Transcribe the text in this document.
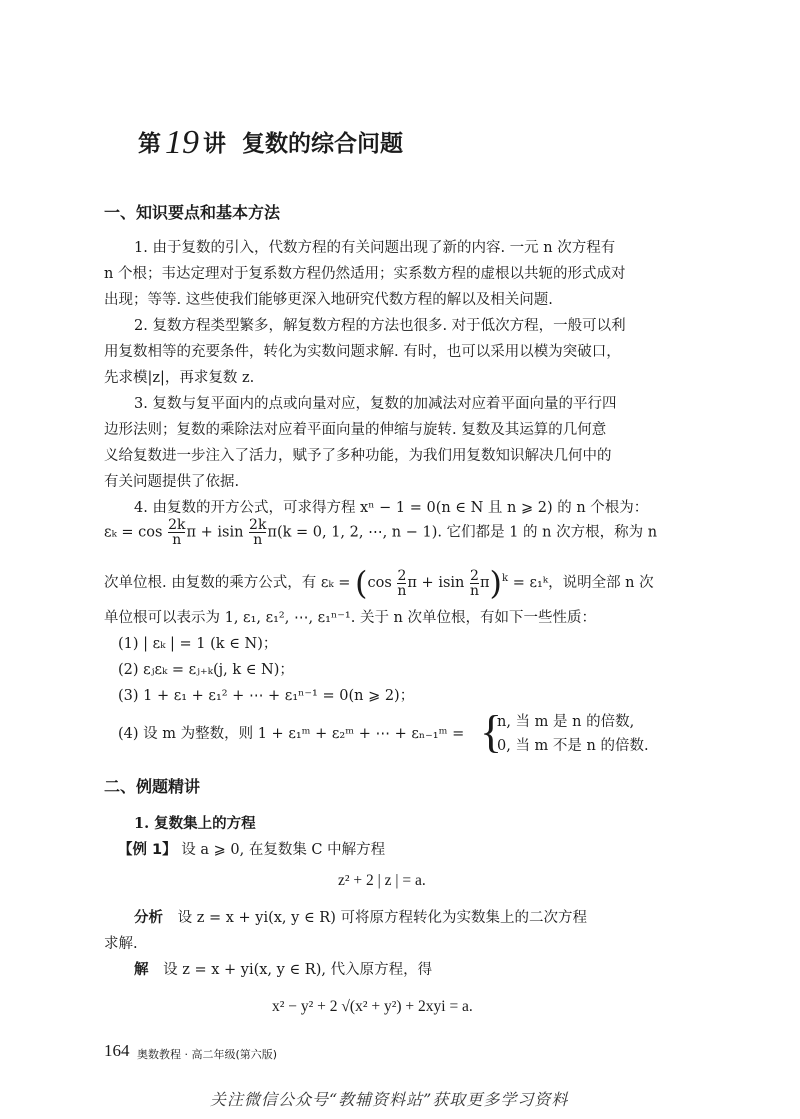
第 19 讲 复数的综合问题
一、知识要点和基本方法
1. 由于复数的引入，代数方程的有关问题出现了新的内容. 一元 n 次方程有
n 个根；韦达定理对于复系数方程仍然适用；实系数方程的虚根以共轭的形式成对
出现；等等. 这些使我们能够更深入地研究代数方程的解以及相关问题.
2. 复数方程类型繁多，解复数方程的方法也很多. 对于低次方程，一般可以利
用复数相等的充要条件，转化为实数问题求解. 有时，也可以采用以模为突破口，
先求模|z|，再求复数 z.
3. 复数与复平面内的点或向量对应，复数的加减法对应着平面向量的平行四
边形法则；复数的乘除法对应着平面向量的伸缩与旋转. 复数及其运算的几何意
义给复数进一步注入了活力，赋予了多种功能，为我们用复数知识解决几何中的
有关问题提供了依据.
4. 由复数的开方公式，可求得方程 xⁿ − 1 = 0(n ∈ N 且 n ⩾ 2) 的 n 个根为：
$\varepsilon_k = \cos \frac{2k}{n}$ π + isin $\frac{2k}{n} \pi(k = 0$, 1, 2, ⋯, n − 1). 它们都是 1 的 n 次方根，称为 n
次单位根. 由复数的乘方公式，有 $\varepsilon_k = (\cos \frac{2}{n}$ π + isin $\frac{2}{n} \pi)^k$ = ε₁ᵏ，说明全部 n 次
单位根可以表示为 1, ε₁, ε₁², ⋯, ε₁ⁿ⁻¹. 关于 n 次单位根，有如下一些性质：
(1) | εₖ | = 1 (k ∈ N)；
(2) εⱼεₖ = εⱼ₊ₖ(j, k ∈ N)；
(3) 1 + ε₁ + ε₁² + ⋯ + ε₁ⁿ⁻¹ = 0(n ⩾ 2)；
(4) 设 m 为整数，则 1 + ε₁ᵐ + ε₂ᵐ + ⋯ + εₙ₋₁ᵐ = {
n, 当 m 是 n 的倍数,
0, 当 m 不是 n 的倍数.
二、例题精讲
1. 复数集上的方程
【例 1】 设 a ⩾ 0, 在复数集 C 中解方程
z² + 2 | z | = a.
分析 设 z = x + yi(x, y ∈ R) 可将原方程转化为实数集上的二次方程
求解.
解 设 z = x + yi(x, y ∈ R), 代入原方程，得
x² − y² + 2 √(x² + y²) + 2xyi = a.
164 奥数教程 · 高二年级(第六版)
关注微信公众号“教辅资料站”获取更多学习资料
